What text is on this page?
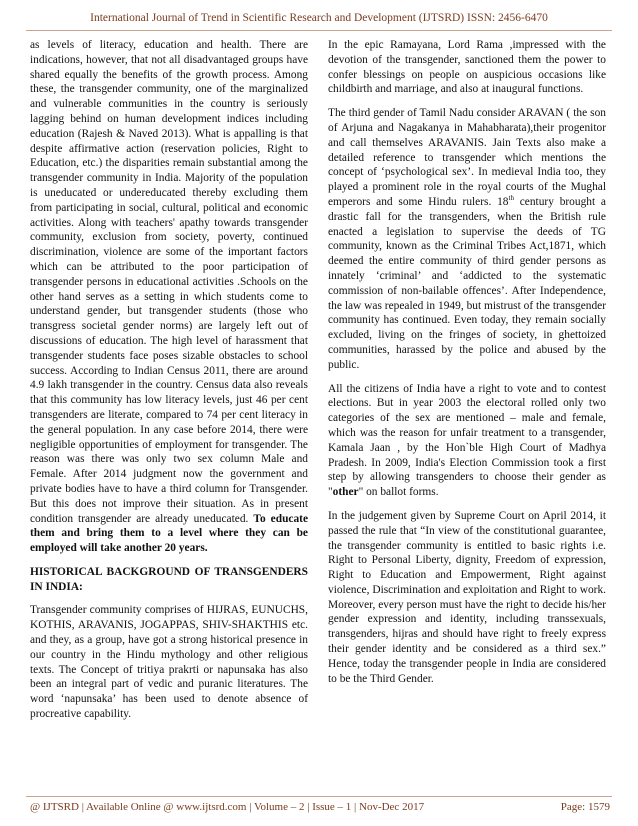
International Journal of Trend in Scientific Research and Development (IJTSRD) ISSN: 2456-6470

as levels of literacy, education and health. There are indications, however, that not all disadvantaged groups have shared equally the benefits of the growth process. Among these, the transgender community, one of the marginalized and vulnerable communities in the country is seriously lagging behind on human development indices including education (Rajesh & Naved 2013). What is appalling is that despite affirmative action (reservation policies, Right to Education, etc.) the disparities remain substantial among the transgender community in India. Majority of the population is uneducated or undereducated thereby excluding them from participating in social, cultural, political and economic activities. Along with teachers' apathy towards transgender community, exclusion from society, poverty, continued discrimination, violence are some of the important factors which can be attributed to the poor participation of transgender persons in educational activities .Schools on the other hand serves as a setting in which students come to understand gender, but transgender students (those who transgress societal gender norms) are largely left out of discussions of education. The high level of harassment that transgender students face poses sizable obstacles to school success. According to Indian Census 2011, there are around 4.9 lakh transgender in the country. Census data also reveals that this community has low literacy levels, just 46 per cent transgenders are literate, compared to 74 per cent literacy in the general population. In any case before 2014, there were negligible opportunities of employment for transgender. The reason was there was only two sex column Male and Female. After 2014 judgment now the government and private bodies have to have a third column for Transgender. But this does not improve their situation. As in present condition transgender are already uneducated. To educate them and bring them to a level where they can be employed will take another 20 years.

HISTORICAL BACKGROUND OF TRANSGENDERS IN INDIA:

Transgender community comprises of HIJRAS, EUNUCHS, KOTHIS, ARAVANIS, JOGAPPAS, SHIV-SHAKTHIS etc. and they, as a group, have got a strong historical presence in our country in the Hindu mythology and other religious texts. The Concept of tritiya prakrti or napunsaka has also been an integral part of vedic and puranic literatures. The word ‘napunsaka’ has been used to denote absence of procreative capability.

In the epic Ramayana, Lord Rama ,impressed with the devotion of the transgender, sanctioned them the power to confer blessings on people on auspicious occasions like childbirth and marriage, and also at inaugural functions.

The third gender of Tamil Nadu consider ARAVAN ( the son of Arjuna and Nagakanya in Mahabharata),their progenitor and call themselves ARAVANIS. Jain Texts also make a detailed reference to transgender which mentions the concept of ‘psychological sex’. In medieval India too, they played a prominent role in the royal courts of the Mughal emperors and some Hindu rulers. 18th century brought a drastic fall for the transgenders, when the British rule enacted a legislation to supervise the deeds of TG community, known as the Criminal Tribes Act,1871, which deemed the entire community of third gender persons as innately ‘criminal’ and ‘addicted to the systematic commission of non-bailable offences’. After Independence, the law was repealed in 1949, but mistrust of the transgender community has continued. Even today, they remain socially excluded, living on the fringes of society, in ghettoized communities, harassed by the police and abused by the public.

All the citizens of India have a right to vote and to contest elections. But in year 2003 the electoral rolled only two categories of the sex are mentioned – male and female, which was the reason for unfair treatment to a transgender, Kamala Jaan , by the Hon`ble High Court of Madhya Pradesh. In 2009, India's Election Commission took a first step by allowing transgenders to choose their gender as "other" on ballot forms.

In the judgement given by Supreme Court on April 2014, it passed the rule that “In view of the constitutional guarantee, the transgender community is entitled to basic rights i.e. Right to Personal Liberty, dignity, Freedom of expression, Right to Education and Empowerment, Right against violence, Discrimination and exploitation and Right to work. Moreover, every person must have the right to decide his/her gender expression and identity, including transsexuals, transgenders, hijras and should have right to freely express their gender identity and be considered as a third sex.” Hence, today the transgender people in India are considered to be the Third Gender.

@ IJTSRD | Available Online @ www.ijtsrd.com | Volume – 2 | Issue – 1 | Nov-Dec 2017	Page: 1579
